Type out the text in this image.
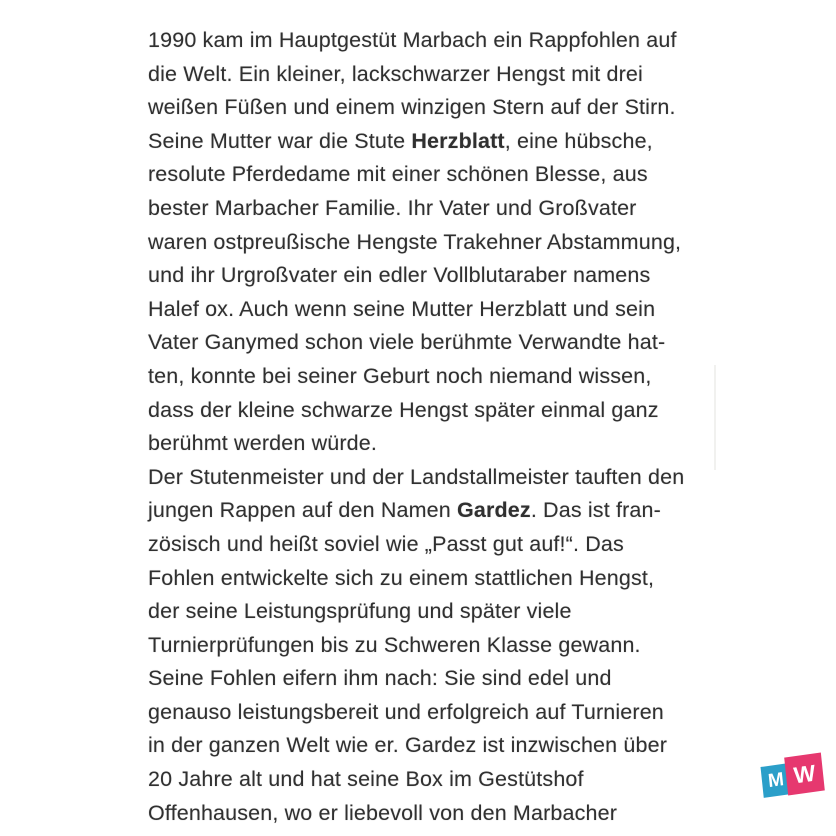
1990 kam im Hauptgestüt Marbach ein Rappfohlen auf
die Welt. Ein kleiner, lackschwarzer Hengst mit drei
weißen Füßen und einem winzigen Stern auf der Stirn.
Seine Mutter war die Stute Herzblatt, eine hübsche,
resolute Pferdedame mit einer schönen Blesse, aus
bester Marbacher Familie. Ihr Vater und Großvater
waren ostpreußische Hengste Trakehner Abstammung,
und ihr Urgroßvater ein edler Vollblutaraber namens
Halef ox. Auch wenn seine Mutter Herzblatt und sein
Vater Ganymed schon viele berühmte Verwandte hat-
ten, konnte bei seiner Geburt noch niemand wissen,
dass der kleine schwarze Hengst später einmal ganz
berühmt werden würde.
Der Stutenmeister und der Landstallmeister tauften den
jungen Rappen auf den Namen Gardez. Das ist fran-
zösisch und heißt soviel wie „Passt gut auf!“. Das
Fohlen entwickelte sich zu einem stattlichen Hengst,
der seine Leistungsprüfung und später viele
Turnierprüfungen bis zu Schweren Klasse gewann.
Seine Fohlen eifern ihm nach: Sie sind edel und
genauso leistungsbereit und erfolgreich auf Turnieren
in der ganzen Welt wie er. Gardez ist inzwischen über
20 Jahre alt und hat seine Box im Gestütshof
Offenhausen, wo er liebevoll von den Marbacher
M W
